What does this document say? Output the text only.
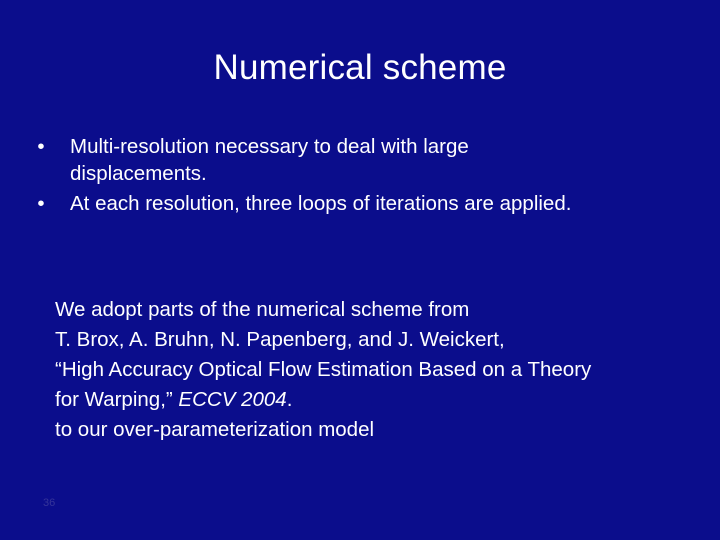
Numerical scheme
• Multi-resolution necessary to deal with large
displacements.
• At each resolution, three loops of iterations are applied.
We adopt parts of the numerical scheme from
T. Brox, A. Bruhn, N. Papenberg, and J. Weickert,
“High Accuracy Optical Flow Estimation Based on a Theory
for Warping,” ECCV 2004.
to our over-parameterization model
36
